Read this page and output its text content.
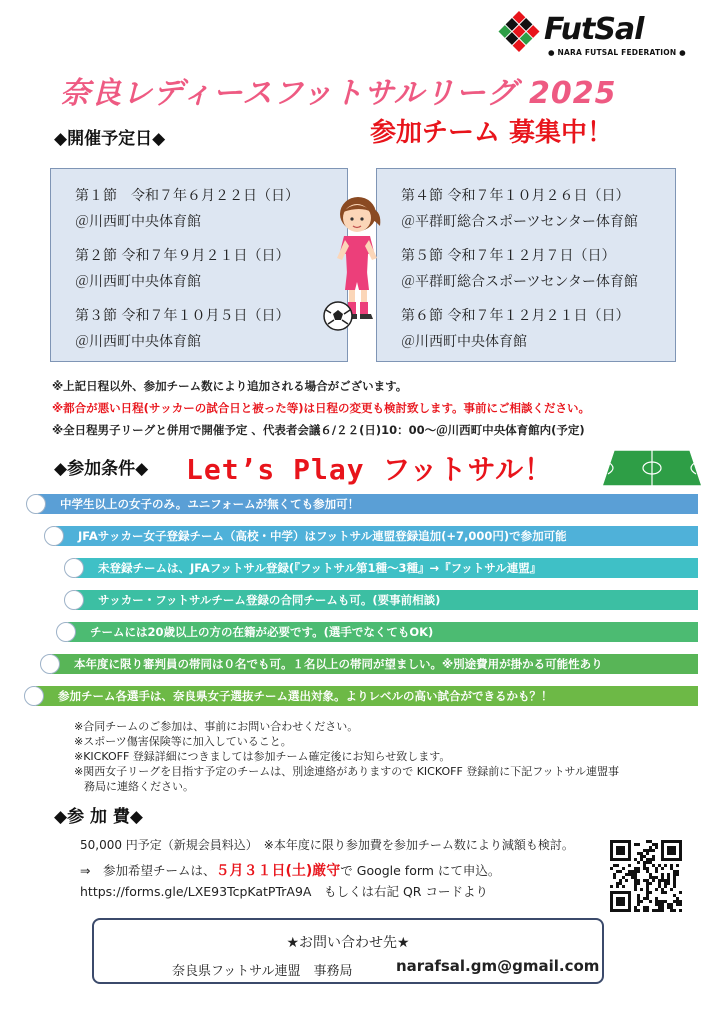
FutSal
● NARA FUTSAL FEDERATION ●
奈良レディースフットサルリーグ 2025
◆開催予定日◆	参加チーム 募集中！
第１節　令和７年６月２２日（日）
＠川西町中央体育館
第２節 令和７年９月２１日（日）
＠川西町中央体育館
第３節 令和７年１０月５日（日）
＠川西町中央体育館
第４節 令和７年１０月２６日（日）
＠平群町総合スポーツセンター体育館
第５節 令和７年１２月７日（日）
＠平群町総合スポーツセンター体育館
第６節 令和７年１２月２１日（日）
＠川西町中央体育館
※上記日程以外、参加チーム数により追加される場合がございます。
※都合が悪い日程(サッカーの試合日と被った等)は日程の変更も検討致します。事前にご相談ください。
※全日程男子リーグと併用で開催予定 、代表者会議６/２２(日)10：00～＠川西町中央体育館内(予定)
◆参加条件◆ Let’s Play フットサル！
中学生以上の女子のみ。ユニフォームが無くても参加可！
JFAサッカー女子登録チーム（高校・中学）はフットサル連盟登録追加(+7,000円)で参加可能
未登録チームは、JFAフットサル登録(『フットサル第1種～3種』→『フットサル連盟』
サッカー・フットサルチーム登録の合同チームも可。(要事前相談)
チームには20歳以上の方の在籍が必要です。(選手でなくてもOK)
本年度に限り審判員の帯同は０名でも可。１名以上の帯同が望ましい。※別途費用が掛かる可能性あり
参加チーム各選手は、奈良県女子選抜チーム選出対象。よりレベルの高い試合ができるかも？！
※合同チームのご参加は、事前にお問い合わせください。
※スポーツ傷害保険等に加入していること。
※KICKOFF 登録詳細につきましては参加チーム確定後にお知らせ致します。
※関西女子リーグを目指す予定のチームは、別途連絡がありますので KICKOFF 登録前に下記フットサル連盟事
務局に連絡ください。
◆参 加 費◆
50,000 円予定（新規会員料込）　※本年度に限り参加費を参加チーム数により減額も検討。
⇒　参加希望チームは、５月３１日(土)厳守で Google form にて申込。
https://forms.gle/LXE93TcpKatPTrA9A　 もしくは右記 QR コードより
★お問い合わせ先★
奈良県フットサル連盟　事務局	narafsal.gm@gmail.com
